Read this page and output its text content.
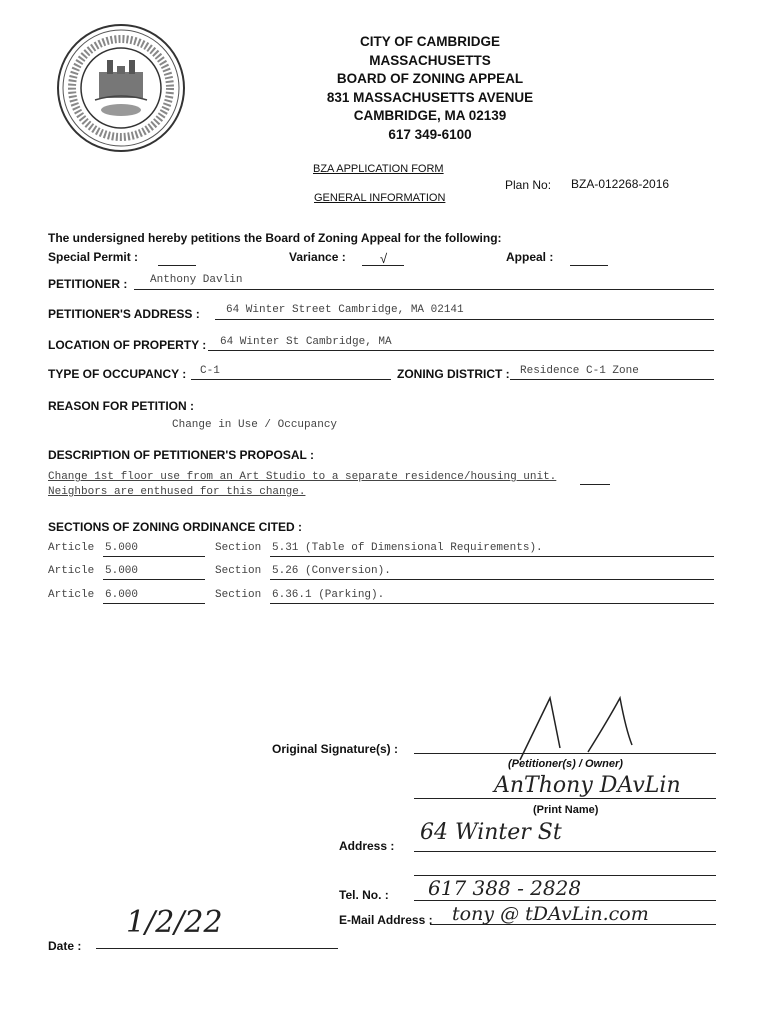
CITY OF CAMBRIDGE
MASSACHUSETTS
BOARD OF ZONING APPEAL
831 MASSACHUSETTS AVENUE
CAMBRIDGE, MA 02139
617 349-6100
BZA APPLICATION FORM
GENERAL INFORMATION
Plan No: BZA-012268-2016
The undersigned hereby petitions the Board of Zoning Appeal for the following:
Special Permit :	Variance :	√	Appeal :
PETITIONER : Anthony Davlin
PETITIONER'S ADDRESS : 64 Winter Street Cambridge, MA 02141
LOCATION OF PROPERTY : 64 Winter St Cambridge, MA
TYPE OF OCCUPANCY : C-1	ZONING DISTRICT : Residence C-1 Zone
REASON FOR PETITION :
Change in Use / Occupancy
DESCRIPTION OF PETITIONER'S PROPOSAL :
Change 1st floor use from an Art Studio to a separate residence/housing unit.
Neighbors are enthused for this change.
SECTIONS OF ZONING ORDINANCE CITED :
Article 5.000	Section 5.31 (Table of Dimensional Requirements).
Article 5.000	Section 5.26 (Conversion).
Article 6.000	Section 6.36.1 (Parking).
Original Signature(s) :
(Petitioner(s) / Owner)
AnThony DAvLin
(Print Name)
Address :
64 Winter St
Tel. No. : 617 388 - 2828
E-Mail Address : tony @ tDAvLin.com
Date :
1/2/22
